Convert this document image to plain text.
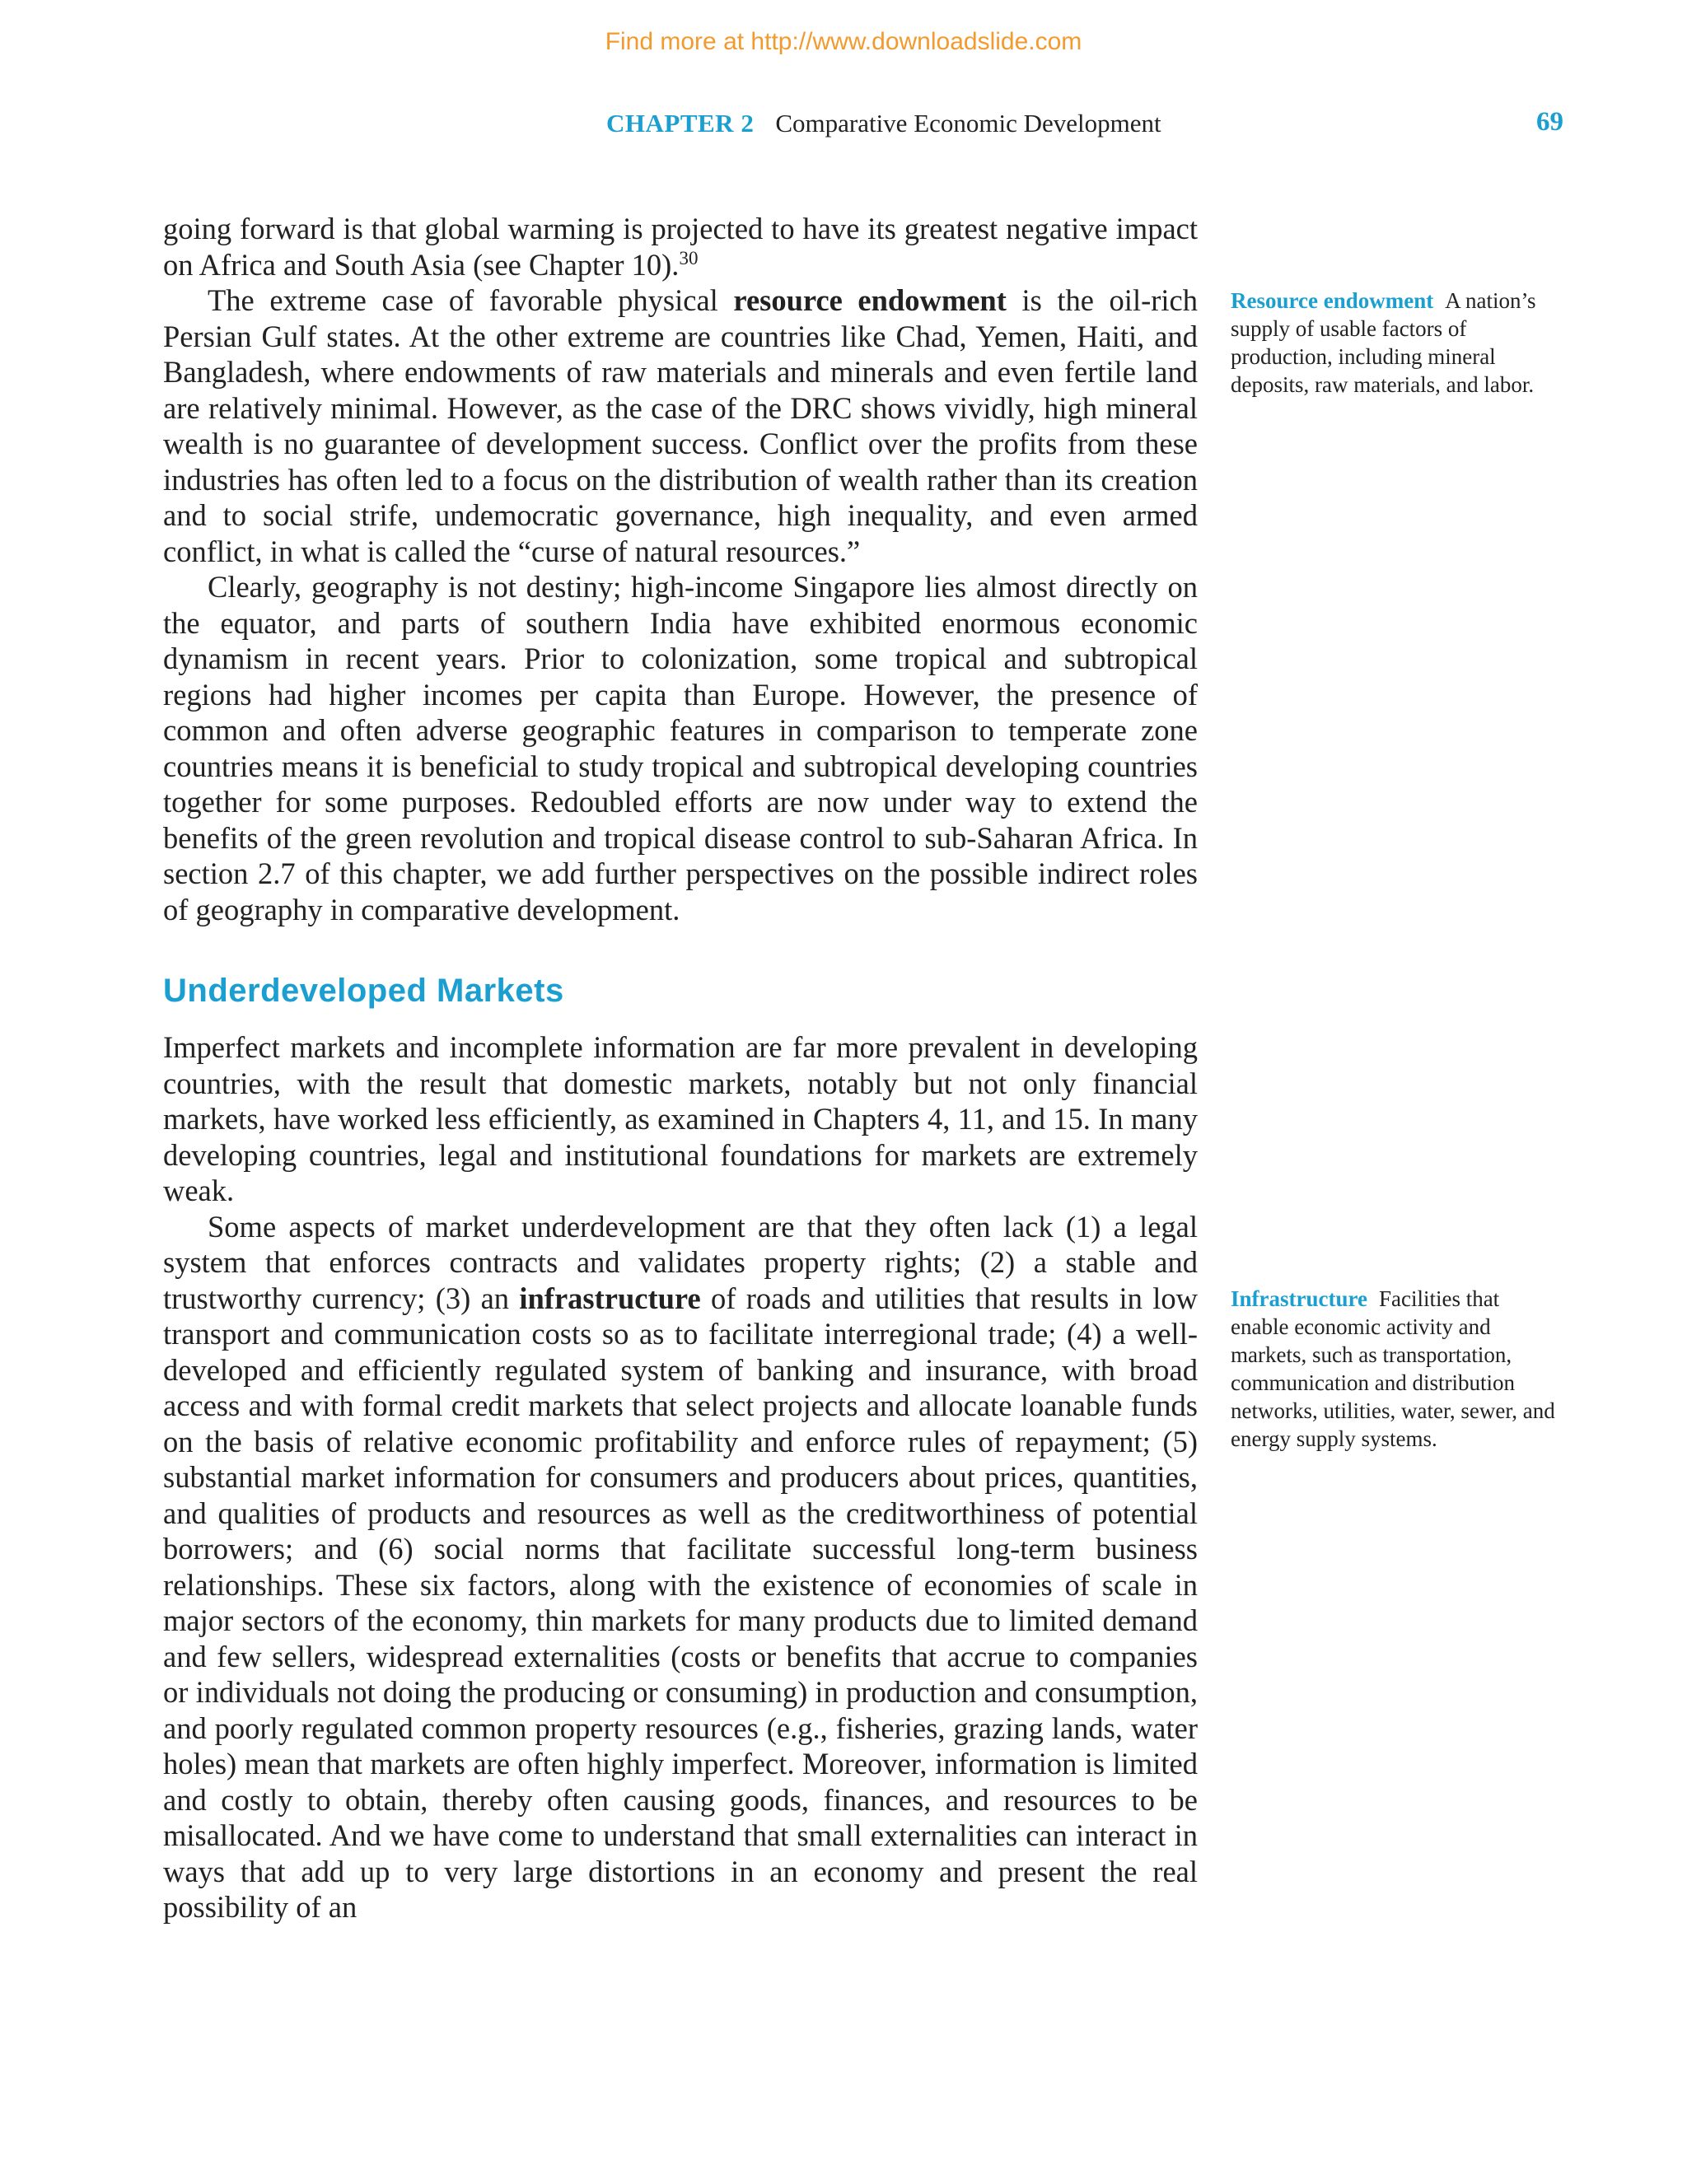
Find more at http://www.downloadslide.com
CHAPTER 2 Comparative Economic Development	69

going forward is that global warming is projected to have its greatest negative impact on Africa and South Asia (see Chapter 10).$^{30}$

The extreme case of favorable physical resource endowment is the oil-rich Persian Gulf states. At the other extreme are countries like Chad, Yemen, Haiti, and Bangladesh, where endowments of raw materials and minerals and even fertile land are relatively minimal. However, as the case of the DRC shows vividly, high mineral wealth is no guarantee of development success. Conflict over the profits from these industries has often led to a focus on the distribution of wealth rather than its creation and to social strife, undemocratic governance, high inequality, and even armed conflict, in what is called the “curse of natural resources.”

Clearly, geography is not destiny; high-income Singapore lies almost directly on the equator, and parts of southern India have exhibited enormous economic dynamism in recent years. Prior to colonization, some tropical and subtropical regions had higher incomes per capita than Europe. However, the presence of common and often adverse geographic features in comparison to temperate zone countries means it is beneficial to study tropical and subtropical developing countries together for some purposes. Redoubled efforts are now under way to extend the benefits of the green revolution and tropical disease control to sub-Saharan Africa. In section 2.7 of this chapter, we add further perspectives on the possible indirect roles of geography in comparative development.

Underdeveloped Markets

Imperfect markets and incomplete information are far more prevalent in developing countries, with the result that domestic markets, notably but not only financial markets, have worked less efficiently, as examined in Chapters 4, 11, and 15. In many developing countries, legal and institutional foundations for markets are extremely weak.

Some aspects of market underdevelopment are that they often lack (1) a legal system that enforces contracts and validates property rights; (2) a stable and trustworthy currency; (3) an infrastructure of roads and utilities that results in low transport and communication costs so as to facilitate interregional trade; (4) a well-developed and efficiently regulated system of banking and insurance, with broad access and with formal credit markets that select projects and allocate loanable funds on the basis of relative economic profitability and enforce rules of repayment; (5) substantial market information for consumers and producers about prices, quantities, and qualities of products and resources as well as the creditworthiness of potential borrowers; and (6) social norms that facilitate successful long-term business relationships. These six factors, along with the existence of economies of scale in major sectors of the economy, thin markets for many products due to limited demand and few sellers, widespread externalities (costs or benefits that accrue to companies or individuals not doing the producing or consuming) in production and consumption, and poorly regulated common property resources (e.g., fisheries, grazing lands, water holes) mean that markets are often highly imperfect. Moreover, information is limited and costly to obtain, thereby often causing goods, finances, and resources to be misallocated. And we have come to understand that small externalities can interact in ways that add up to very large distortions in an economy and present the real possibility of an

Resource endowment A nation’s supply of usable factors of production, including mineral deposits, raw materials, and labor.
Infrastructure Facilities that enable economic activity and markets, such as transportation, communication and distribution networks, utilities, water, sewer, and energy supply systems.
